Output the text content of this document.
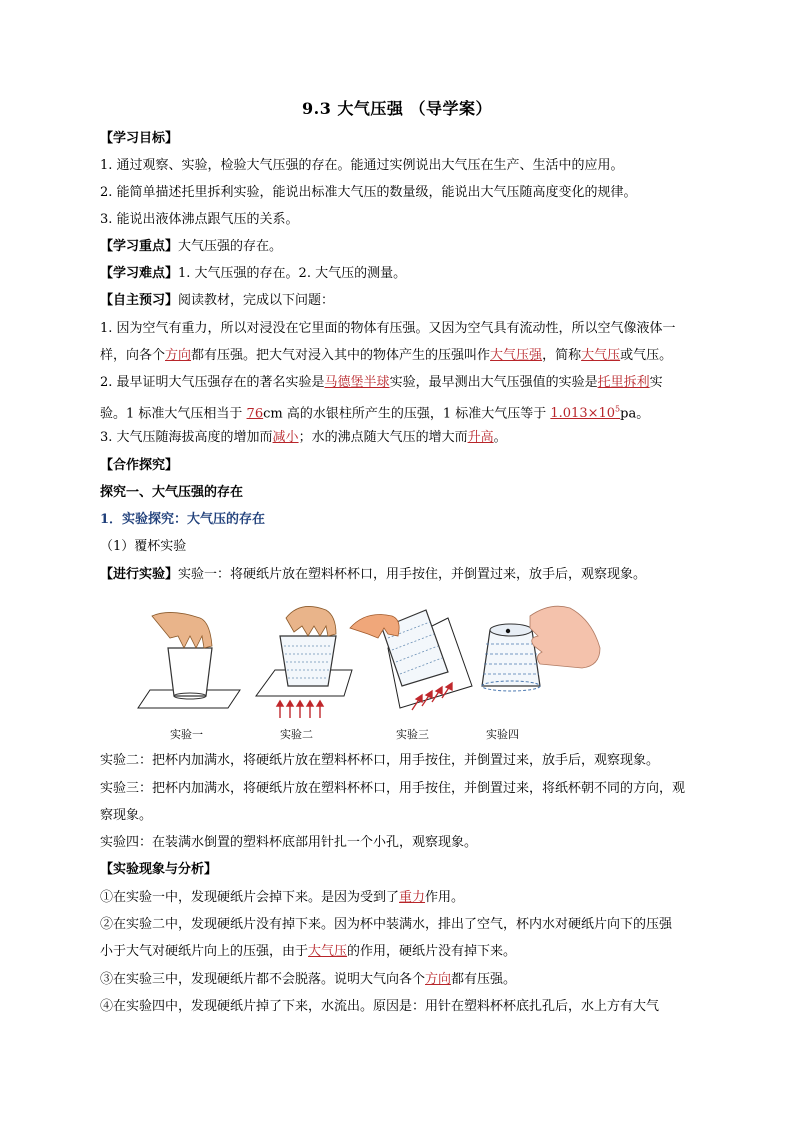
9.3 大气压强 （导学案）
【学习目标】
1. 通过观察、实验，检验大气压强的存在。能通过实例说出大气压在生产、生活中的应用。
2. 能简单描述托里拆利实验，能说出标准大气压的数量级，能说出大气压随高度变化的规律。
3. 能说出液体沸点跟气压的关系。
【学习重点】大气压强的存在。
【学习难点】1. 大气压强的存在。2. 大气压的测量。
【自主预习】阅读教材，完成以下问题：
1. 因为空气有重力，所以对浸没在它里面的物体有压强。又因为空气具有流动性，所以空气像液体一
样，向各个方向都有压强。把大气对浸入其中的物体产生的压强叫作大气压强，简称大气压或气压。
2. 最早证明大气压强存在的著名实验是马德堡半球实验，最早测出大气压强值的实验是托里拆利实
验。1 标准大气压相当于 76cm 高的水银柱所产生的压强，1 标准大气压等于 $1.013\times 10^5pa$。
3. 大气压随海拔高度的增加而减小；水的沸点随大气压的增大而升高。
【合作探究】
探究一、大气压强的存在
1．实验探究：大气压的存在
（1）覆杯实验
【进行实验】实验一：将硬纸片放在塑料杯杯口，用手按住，并倒置过来，放手后，观察现象。
实验一	实验二	实验三	实验四
实验二：把杯内加满水，将硬纸片放在塑料杯杯口，用手按住，并倒置过来，放手后，观察现象。
实验三：把杯内加满水，将硬纸片放在塑料杯杯口，用手按住，并倒置过来，将纸杯朝不同的方向，观
察现象。
实验四：在装满水倒置的塑料杯底部用针扎一个小孔，观察现象。
【实验现象与分析】
①在实验一中，发现硬纸片会掉下来。是因为受到了重力作用。
②在实验二中，发现硬纸片没有掉下来。因为杯中装满水，排出了空气，杯内水对硬纸片向下的压强
小于大气对硬纸片向上的压强，由于大气压的作用，硬纸片没有掉下来。
③在实验三中，发现硬纸片都不会脱落。说明大气向各个方向都有压强。
④在实验四中，发现硬纸片掉了下来，水流出。原因是：用针在塑料杯杯底扎孔后，水上方有大气
